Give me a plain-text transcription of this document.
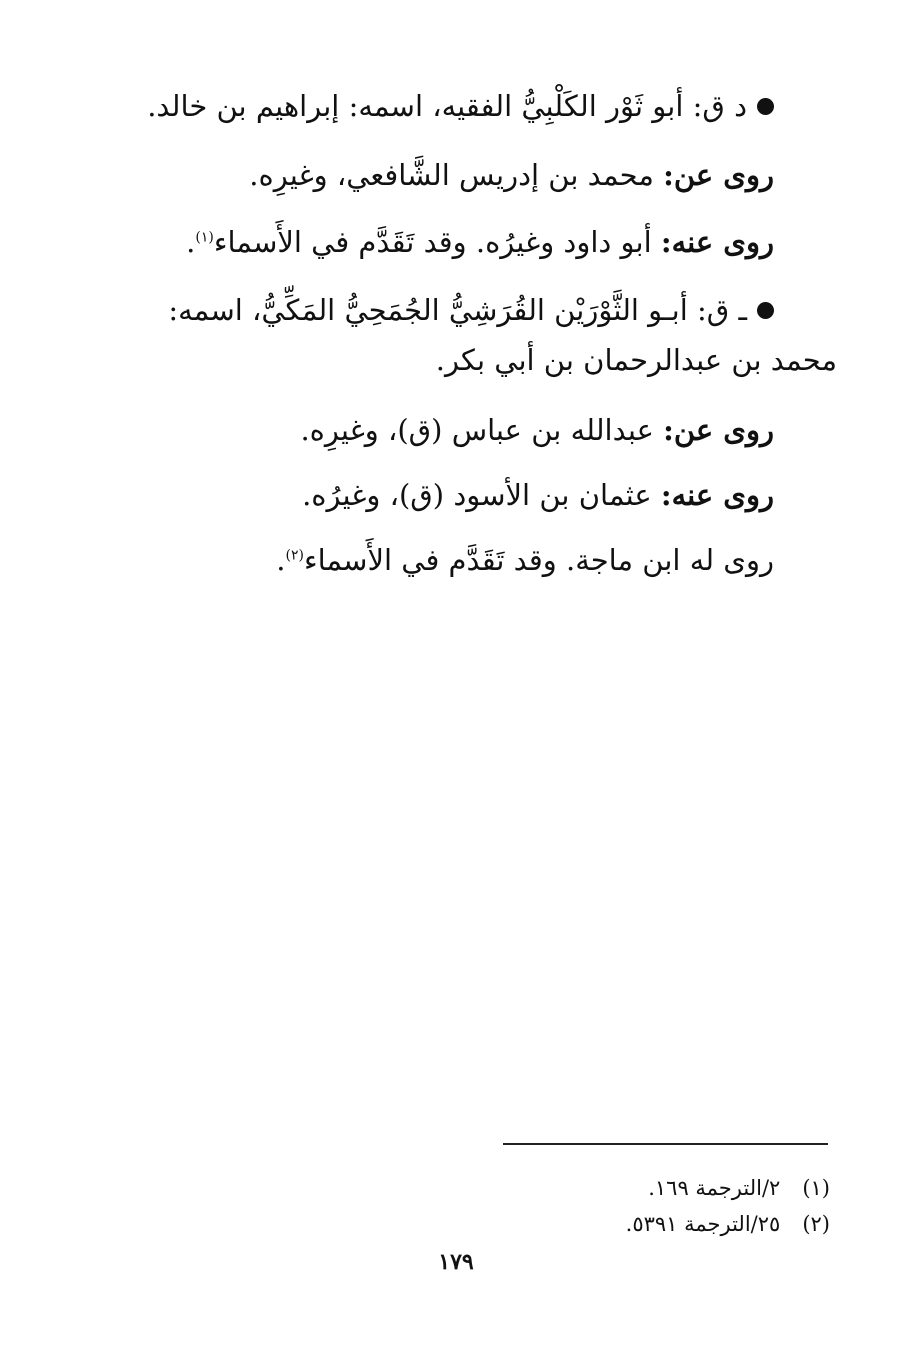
د ق: أبو ثَوْر الكَلْبِيُّ الفقيه، اسمه: إبراهيم بن خالد.
روى عن: محمد بن إدريس الشَّافعي، وغيرِه.
روى عنه: أبو داود وغيرُه. وقد تَقَدَّم في الأَسماء$^{(١)}$.
ـ ق: أبـو الثَّوْرَيْن القُرَشِيُّ الجُمَحِيُّ المَكِّيُّ، اسمه:
محمد بن عبدالرحمان بن أبي بكر.
روى عن: عبدالله بن عباس (ق)، وغيرِه.
روى عنه: عثمان بن الأسود (ق)، وغيرُه.
روى له ابن ماجة. وقد تَقَدَّم في الأَسماء$^{(٢)}$.
(١)٢/الترجمة ١٦٩.
(٢)٢٥/الترجمة ٥٣٩١.
١٧٩
